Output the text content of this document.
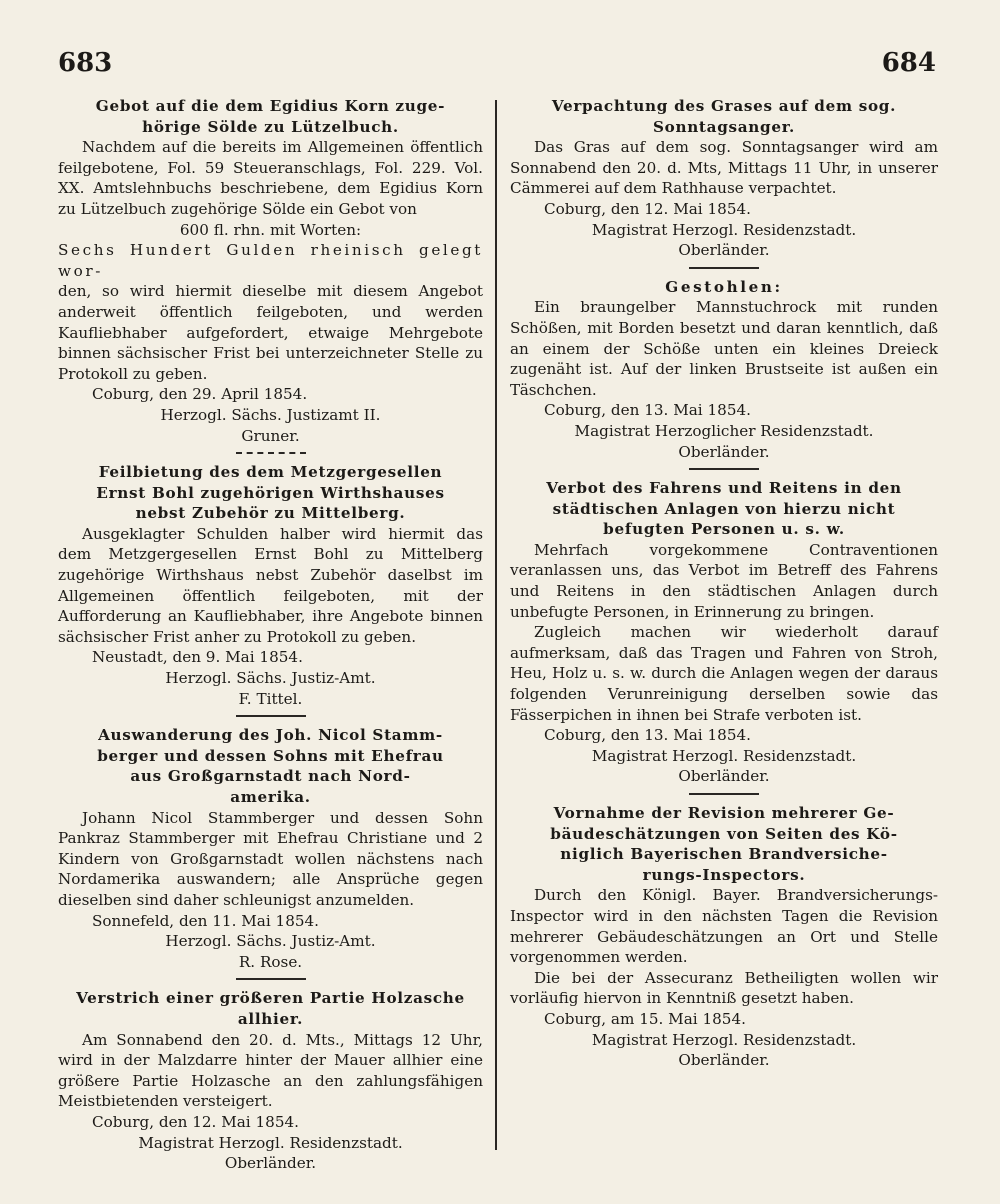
683	684

Gebot auf die dem Egidius Korn zuge-

hörige Sölde zu Lützelbuch.

Nachdem auf die bereits im Allgemeinen öffentlich feilgebotene, Fol. 59 Steueranschlags, Fol. 229. Vol. XX. Amtslehnbuchs beschriebene, dem Egidius Korn zu Lützelbuch zugehörige Sölde ein Gebot von

600 fl. rhn. mit Worten:

Sechs Hundert Gulden rheinisch gelegt wor-

den, so wird hiermit dieselbe mit diesem Angebot anderweit öffentlich feilgeboten, und werden Kaufliebhaber aufgefordert, etwaige Mehrgebote binnen sächsischer Frist bei unterzeichneter Stelle zu Protokoll zu geben.

Coburg, den 29. April 1854.

Herzogl. Sächs. Justizamt II.

Gruner.

Feilbietung des dem Metzgergesellen

Ernst Bohl zugehörigen Wirthshauses

nebst Zubehör zu Mittelberg.

Ausgeklagter Schulden halber wird hiermit das dem Metzgergesellen Ernst Bohl zu Mittelberg zugehörige Wirthshaus nebst Zubehör daselbst im Allgemeinen öffentlich feilgeboten, mit der Aufforderung an Kaufliebhaber, ihre Angebote binnen sächsischer Frist anher zu Protokoll zu geben.

Neustadt, den 9. Mai 1854.

Herzogl. Sächs. Justiz-Amt.

F. Tittel.

Auswanderung des Joh. Nicol Stamm-

berger und dessen Sohns mit Ehefrau

aus Großgarnstadt nach Nord-

amerika.

Johann Nicol Stammberger und dessen Sohn Pankraz Stammberger mit Ehefrau Christiane und 2 Kindern von Großgarnstadt wollen nächstens nach Nordamerika auswandern; alle Ansprüche gegen dieselben sind daher schleunigst anzumelden.

Sonnefeld, den 11. Mai 1854.

Herzogl. Sächs. Justiz-Amt.

R. Rose.

Verstrich einer größeren Partie Holzasche

allhier.

Am Sonnabend den 20. d. Mts., Mittags 12 Uhr, wird in der Malzdarre hinter der Mauer allhier eine größere Partie Holzasche an den zahlungsfähigen Meistbietenden versteigert.

Coburg, den 12. Mai 1854.

Magistrat Herzogl. Residenzstadt.

Oberländer.

Verpachtung des Grases auf dem sog.

Sonntagsanger.

Das Gras auf dem sog. Sonntagsanger wird am Sonnabend den 20. d. Mts, Mittags 11 Uhr, in unserer Cämmerei auf dem Rathhause verpachtet.

Coburg, den 12. Mai 1854.

Magistrat Herzogl. Residenzstadt.

Oberländer.

Gestohlen:

Ein braungelber Mannstuchrock mit runden Schößen, mit Borden besetzt und daran kenntlich, daß an einem der Schöße unten ein kleines Dreieck zugenäht ist. Auf der linken Brustseite ist außen ein Täschchen.

Coburg, den 13. Mai 1854.

Magistrat Herzoglicher Residenzstadt.

Oberländer.

Verbot des Fahrens und Reitens in den

städtischen Anlagen von hierzu nicht

befugten Personen u. s. w.

Mehrfach vorgekommene Contraventionen veranlassen uns, das Verbot im Betreff des Fahrens und Reitens in den städtischen Anlagen durch unbefugte Personen, in Erinnerung zu bringen.

Zugleich machen wir wiederholt darauf aufmerksam, daß das Tragen und Fahren von Stroh, Heu, Holz u. s. w. durch die Anlagen wegen der daraus folgenden Verunreinigung derselben sowie das Fässerpichen in ihnen bei Strafe verboten ist.

Coburg, den 13. Mai 1854.

Magistrat Herzogl. Residenzstadt.

Oberländer.

Vornahme der Revision mehrerer Ge-

bäudeschätzungen von Seiten des Kö-

niglich Bayerischen Brandversiche-

rungs-Inspectors.

Durch den Königl. Bayer. Brandversicherungs-Inspector wird in den nächsten Tagen die Revision mehrerer Gebäudeschätzungen an Ort und Stelle vorgenommen werden.

Die bei der Assecuranz Betheiligten wollen wir vorläufig hiervon in Kenntniß gesetzt haben.

Coburg, am 15. Mai 1854.

Magistrat Herzogl. Residenzstadt.

Oberländer.
